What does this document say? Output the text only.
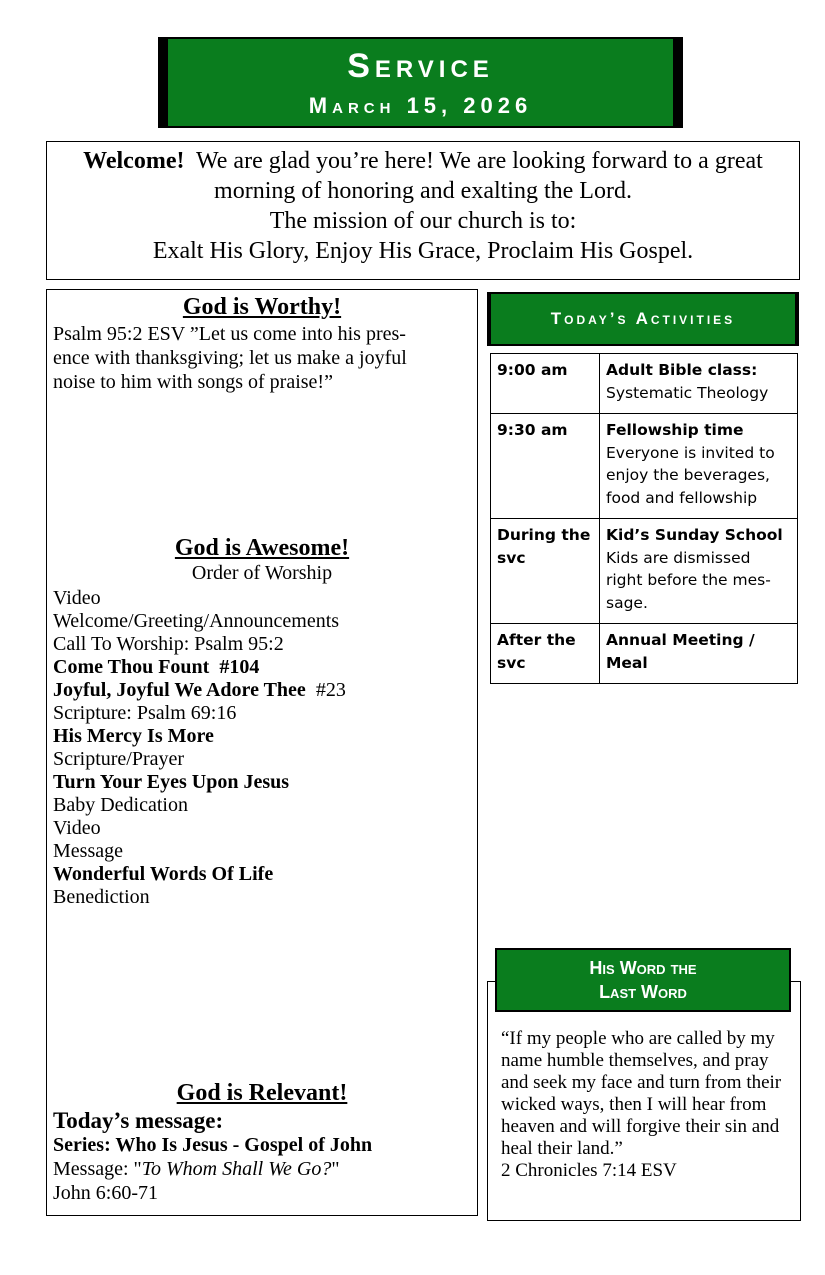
Service
March 15, 2026
Welcome! We are glad you’re here! We are looking forward to a great morning of honoring and exalting the Lord.
The mission of our church is to:
Exalt His Glory, Enjoy His Grace, Proclaim His Gospel.
God is Worthy!
Psalm 95:2 ESV ”Let us come into his pres-
ence with thanksgiving; let us make a joyful
noise to him with songs of praise!”
God is Awesome!
Order of Worship
Video
Welcome/Greeting/Announcements
Call To Worship: Psalm 95:2
Come Thou Fount #104
Joyful, Joyful We Adore Thee #23
Scripture: Psalm 69:16
His Mercy Is More
Scripture/Prayer
Turn Your Eyes Upon Jesus
Baby Dedication
Video
Message
Wonderful Words Of Life
Benediction
God is Relevant!
Today’s message:
Series: Who Is Jesus - Gospel of John
Message: "To Whom Shall We Go?"
John 6:60-71
Today’s Activities
9:00 am	Adult Bible class:
Systematic Theology

9:30 am	Fellowship time
Everyone is invited to enjoy the beverages, food and fellowship

During the svc	Kid’s Sunday School
Kids are dismissed right before the mes-sage.

After the svc	Annual Meeting / Meal
His Word the
Last Word
“If my people who are called by my name humble themselves, and pray and seek my face and turn from their wicked ways, then I will hear from heaven and will forgive their sin and heal their land.”
2 Chronicles 7:14 ESV
